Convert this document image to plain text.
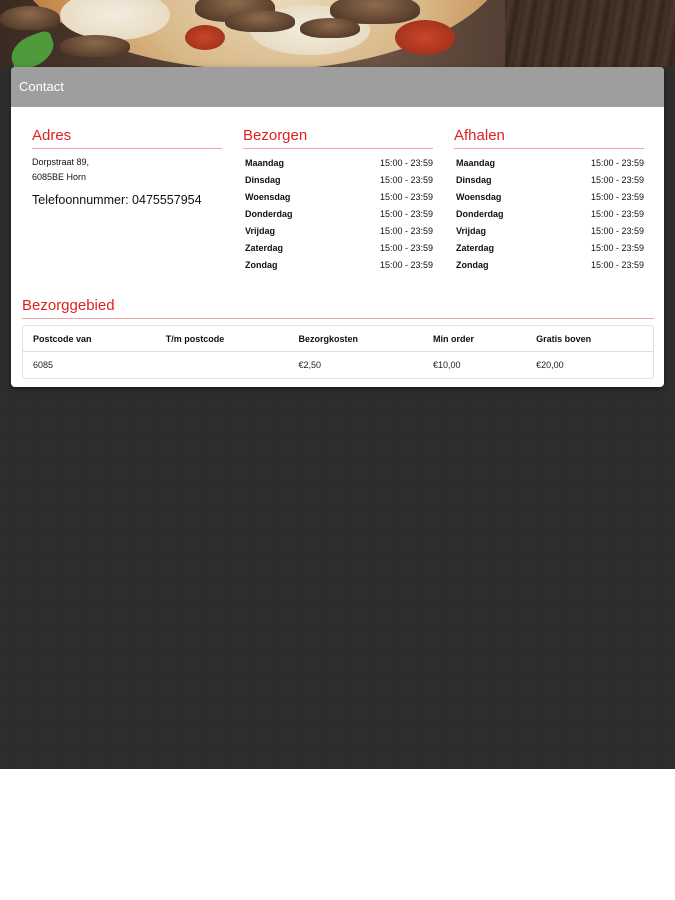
Contact
Adres
Dorpstraat 89,
6085BE Horn
Telefoonnummer: 0475557954
Bezorgen
Maandag	15:00 - 23:59
Dinsdag	15:00 - 23:59
Woensdag	15:00 - 23:59
Donderdag	15:00 - 23:59
Vrijdag	15:00 - 23:59
Zaterdag	15:00 - 23:59
Zondag	15:00 - 23:59
Afhalen
Maandag	15:00 - 23:59
Dinsdag	15:00 - 23:59
Woensdag	15:00 - 23:59
Donderdag	15:00 - 23:59
Vrijdag	15:00 - 23:59
Zaterdag	15:00 - 23:59
Zondag	15:00 - 23:59
Bezorggebied
Postcode van	T/m postcode	Bezorgkosten	Min order	Gratis boven
6085		€2,50	€10,00	€20,00
